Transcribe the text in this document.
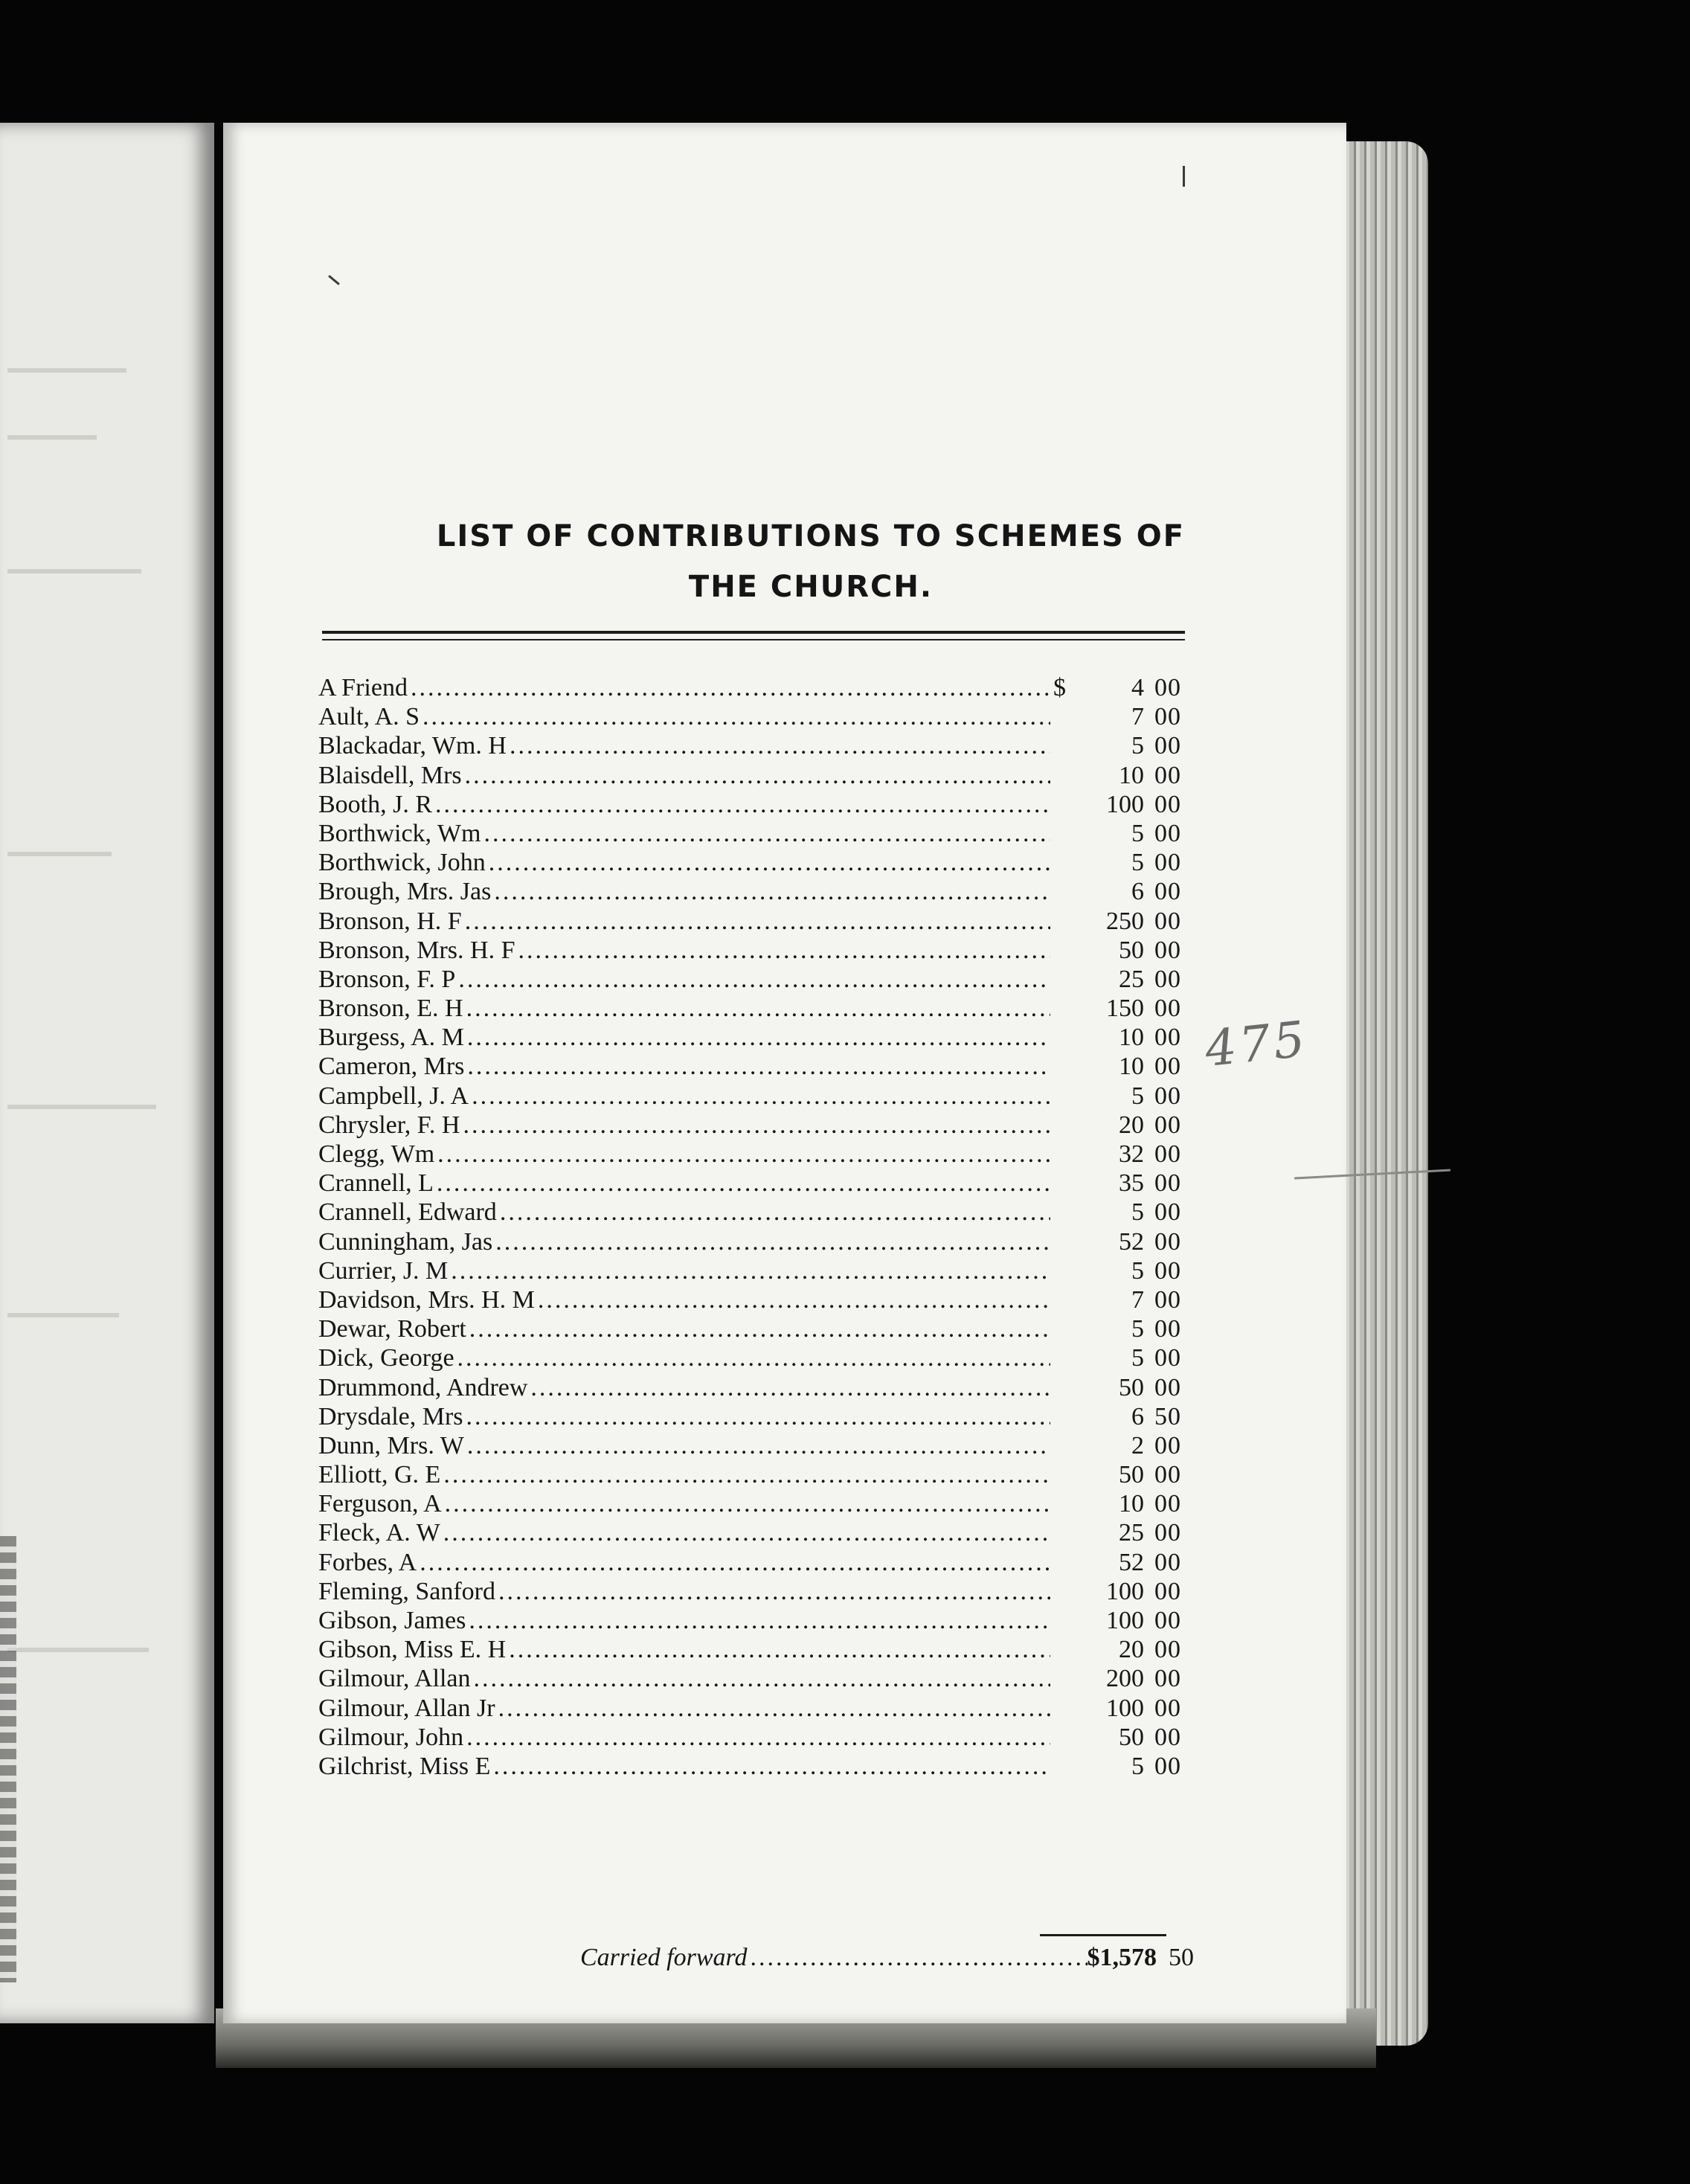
LIST OF CONTRIBUTIONS TO SCHEMES OF
THE CHURCH.
A Friend .....	$	4 00
Ault, A. S .....	7 00
Blackadar, Wm. H .....	5 00
Blaisdell, Mrs .....	10 00
Booth, J. R .....	100 00
Borthwick, Wm .....	5 00
Borthwick, John .....	5 00
Brough, Mrs. Jas .....	6 00
Bronson, H. F .....	250 00
Bronson, Mrs. H. F .....	50 00
Bronson, F. P .....	25 00
Bronson, E. H .....	150 00
Burgess, A. M .....	10 00
Cameron, Mrs .....	10 00
Campbell, J. A .....	5 00
Chrysler, F. H .....	20 00
Clegg, Wm .....	32 00
Crannell, L .....	35 00
Crannell, Edward .....	5 00
Cunningham, Jas .....	52 00
Currier, J. M .....	5 00
Davidson, Mrs. H. M .....	7 00
Dewar, Robert .....	5 00
Dick, George .....	5 00
Drummond, Andrew .....	50 00
Drysdale, Mrs .....	6 50
Dunn, Mrs. W .....	2 00
Elliott, G. E .....	50 00
Ferguson, A .....	10 00
Fleck, A. W .....	25 00
Forbes, A .....	52 00
Fleming, Sanford .....	100 00
Gibson, James .....	100 00
Gibson, Miss E. H .....	20 00
Gilmour, Allan .....	200 00
Gilmour, Allan Jr .....	100 00
Gilmour, John .....	50 00
Gilchrist, Miss E .....	5 00
Carried forward .....	$1,578 50
475
